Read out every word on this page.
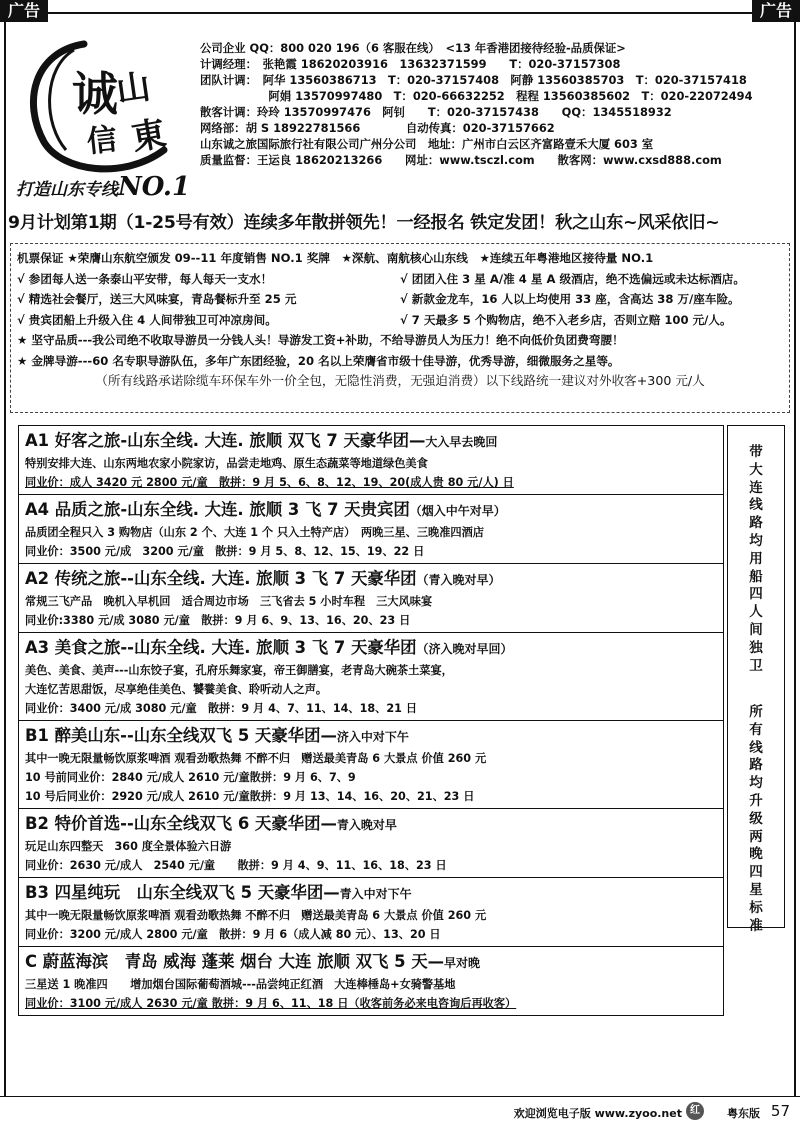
广告	广告
诚
山
信 東
打造山东专线NO.1
公司企业 QQ：800 020 196（6 客服在线）　<13 年香港团接待经验-品质保证>
计调经理：　张艳霞 18620203916　13632371599　　T：020-37157308
团队计调：　阿华 13560386713　T：020-37157408　阿静 13560385703　T：020-37157418
　　　　　　阿娟 13570997480　T：020-66632252　程程 13560385602　T：020-22072494
散客计调：玲玲 13570997476　阿钊　　T：020-37157438　　QQ：1345518932
网络部：胡 S 18922781566　　　　自动传真：020-37157662
山东诚之旅国际旅行社有限公司广州分公司　地址：广州市白云区齐富路壹禾大厦 603 室
质量监督：王运良 18620213266　　网址：www.tsczl.com　　散客网：www.cxsd888.com
9月计划第1期（1-25号有效）连续多年散拼领先！一经报名 铁定发团！秋之山东~风采依旧~
机票保证 ★荣膺山东航空颁发 09--11 年度销售 NO.1 奖牌　★深航、南航核心山东线　★连续五年粤港地区接待量 NO.1
√ 参团每人送一条泰山平安带，每人每天一支水！	√ 团团入住 3 星 A/准 4 星 A 级酒店，绝不选偏远或未达标酒店。
√ 精选社会餐厅，送三大风味宴，青岛餐标升至 25 元	√ 新款金龙车，16 人以上均使用 33 座，含高达 38 万/座车险。
√ 贵宾团船上升级入住 4 人间带独卫可冲凉房间。	√ 7 天最多 5 个购物店，绝不入老乡店，否则立赔 100 元/人。
★ 坚守品质---我公司绝不收取导游员一分钱人头！导游发工资+补助，不给导游员人为压力！绝不向低价负团费弯腰！
★ 金牌导游---60 名专职导游队伍，多年广东团经验，20 名以上荣膺省市级十佳导游，优秀导游，细微服务之星等。
（所有线路承诺除缆车环保车外一价全包，无隐性消费，无强迫消费）以下线路统一建议对外收客+300 元/人
A1 好客之旅-山东全线. 大连. 旅顺 双飞 7 天豪华团—大入早去晚回
特别安排大连、山东两地农家小院家访，品尝走地鸡、原生态蔬菜等地道绿色美食
同业价：成人 3420 元 2800 元/童　散拼：9 月 5、6、8、12、19、20(成人贵 80 元/人) 日
A4 品质之旅-山东全线. 大连. 旅顺 3 飞 7 天贵宾团（烟入中午对早）
品质团全程只入 3 购物店（山东 2 个、大连 1 个 只入土特产店）　两晚三星、三晚准四酒店
同业价：3500 元/成　3200 元/童　散拼：9 月 5、8、12、15、19、22 日
A2 传统之旅--山东全线. 大连. 旅顺 3 飞 7 天豪华团（青入晚对早）
常规三飞产品　晚机入早机回　适合周边市场　三飞省去 5 小时车程　三大风味宴
同业价:3380 元/成 3080 元/童　散拼：9 月 6、9、13、16、20、23 日
A3 美食之旅--山东全线. 大连. 旅顺 3 飞 7 天豪华团（济入晚对早回）
美色、美食、美声---山东饺子宴，孔府乐舞家宴，帝王御膳宴，老青岛大碗茶土菜宴，
大连忆苦思甜饭，尽享绝佳美色、饕餮美食、聆听动人之声。
同业价：3400 元/成 3080 元/童　散拼：9 月 4、7、11、14、18、21 日
B1 醉美山东--山东全线双飞 5 天豪华团—济入中对下午
其中一晚无限量畅饮原浆啤酒 观看劲歌热舞 不醉不归　赠送最美青岛 6 大景点 价值 260 元
10 号前同业价：2840 元/成人 2610 元/童散拼：9 月 6、7、9
10 号后同业价：2920 元/成人 2610 元/童散拼：9 月 13、14、16、20、21、23 日
B2 特价首选--山东全线双飞 6 天豪华团—青入晚对早
玩足山东四整天　360 度全景体验六日游
同业价：2630 元/成人　2540 元/童　　散拼：9 月 4、9、11、16、18、23 日
B3 四星纯玩　山东全线双飞 5 天豪华团—青入中对下午
其中一晚无限量畅饮原浆啤酒 观看劲歌热舞 不醉不归　赠送最美青岛 6 大景点 价值 260 元
同业价：3200 元/成人 2800 元/童　散拼：9 月 6（成人减 80 元）、13、20 日
C 蔚蓝海滨　青岛 威海 蓬莱 烟台 大连 旅顺 双飞 5 天—早对晚
三星送 1 晚准四　　增加烟台国际葡萄酒城---品尝纯正红酒　大连棒棰岛+女骑警基地
同业价：3100 元/成人 2630 元/童 散拼：9 月 6、11、18 日（收客前务必来电咨询后再收客）
带大连线路均用船四人间独卫
所有线路均升级两晚四星标准
欢迎浏览电子版 www.zyoo.net 红	粤东版 57
